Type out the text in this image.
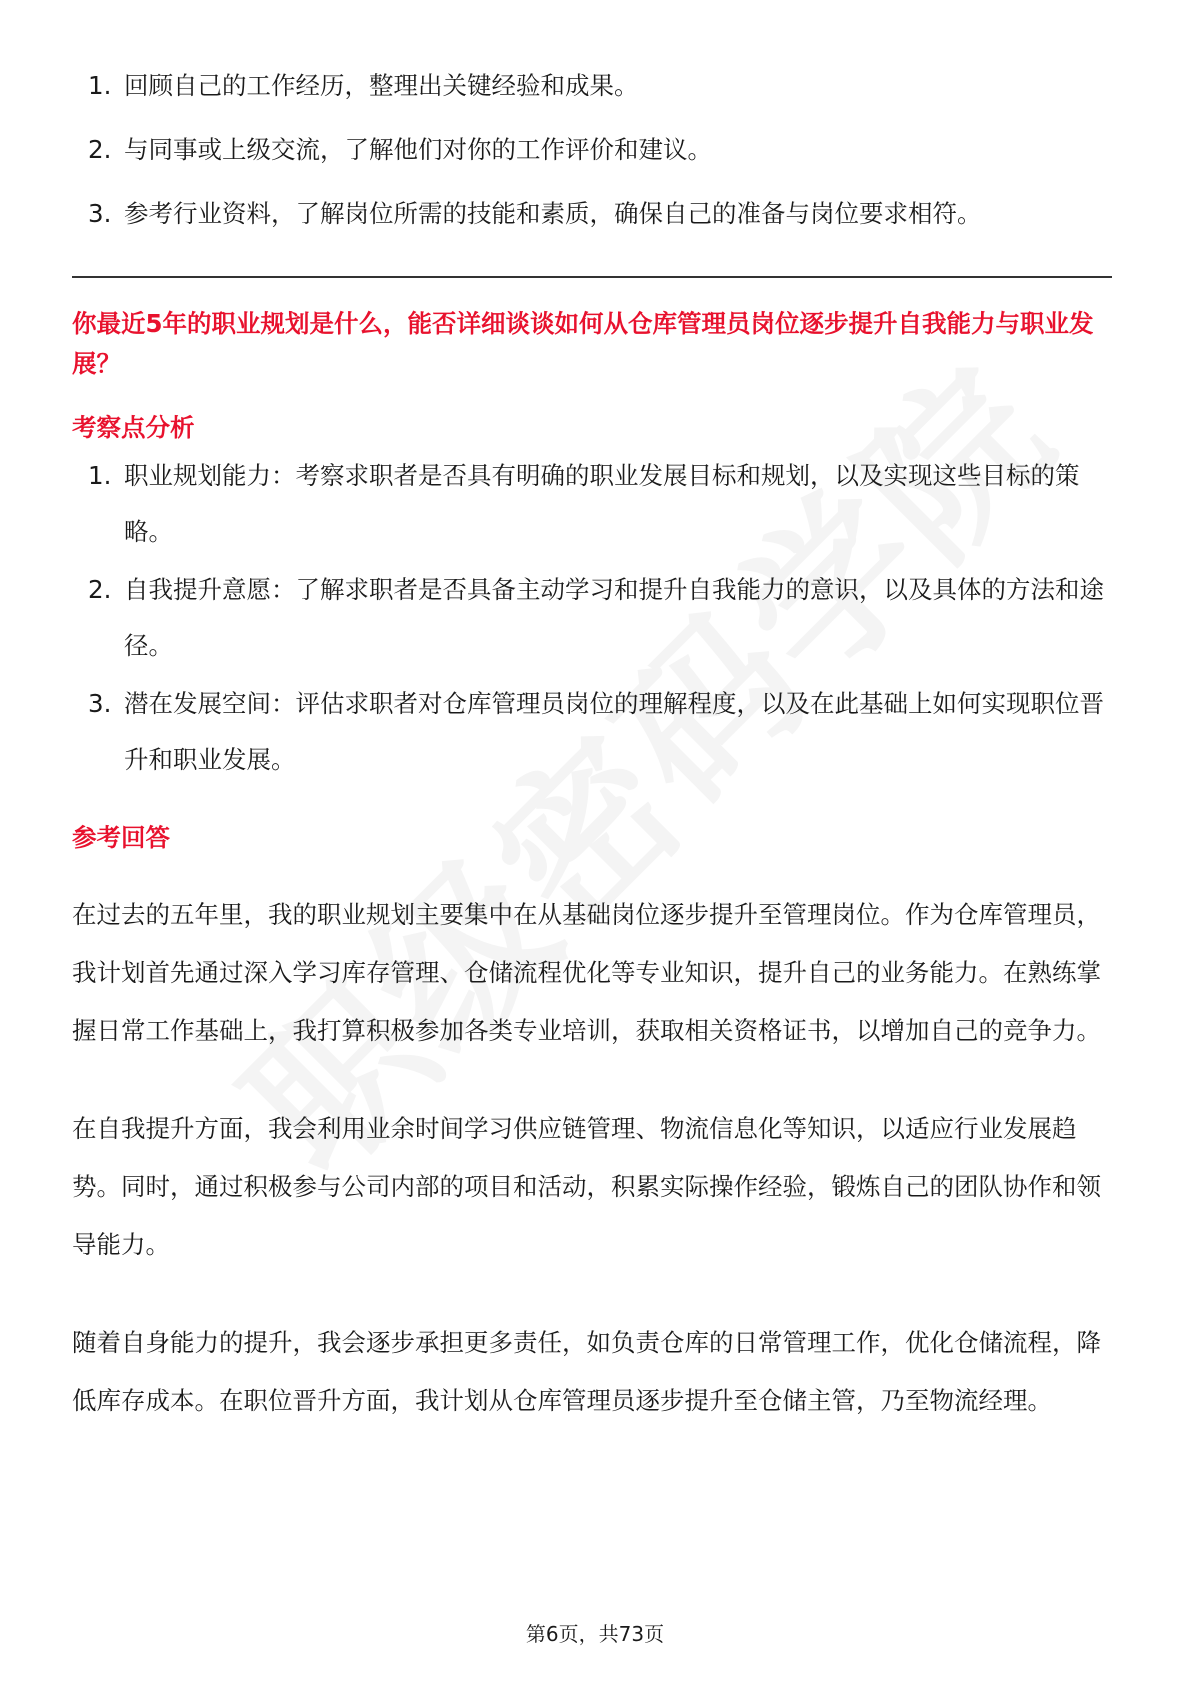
1. 回顾自己的工作经历，整理出关键经验和成果。
2. 与同事或上级交流，了解他们对你的工作评价和建议。
3. 参考行业资料，了解岗位所需的技能和素质，确保自己的准备与岗位要求相符。

你最近5年的职业规划是什么，能否详细谈谈如何从仓库管理员岗位逐步提升自我能力与职业发展？

考察点分析
1. 职业规划能力：考察求职者是否具有明确的职业发展目标和规划，以及实现这些目标的策略。
2. 自我提升意愿：了解求职者是否具备主动学习和提升自我能力的意识，以及具体的方法和途径。
3. 潜在发展空间：评估求职者对仓库管理员岗位的理解程度，以及在此基础上如何实现职位晋升和职业发展。
参考回答

在过去的五年里，我的职业规划主要集中在从基础岗位逐步提升至管理岗位。作为仓库管理员，我计划首先通过深入学习库存管理、仓储流程优化等专业知识，提升自己的业务能力。在熟练掌握日常工作基础上，我打算积极参加各类专业培训，获取相关资格证书，以增加自己的竞争力。

在自我提升方面，我会利用业余时间学习供应链管理、物流信息化等知识，以适应行业发展趋势。同时，通过积极参与公司内部的项目和活动，积累实际操作经验，锻炼自己的团队协作和领导能力。

随着自身能力的提升，我会逐步承担更多责任，如负责仓库的日常管理工作，优化仓储流程，降低库存成本。在职位晋升方面，我计划从仓库管理员逐步提升至仓储主管，乃至物流经理。

第6页，共73页
